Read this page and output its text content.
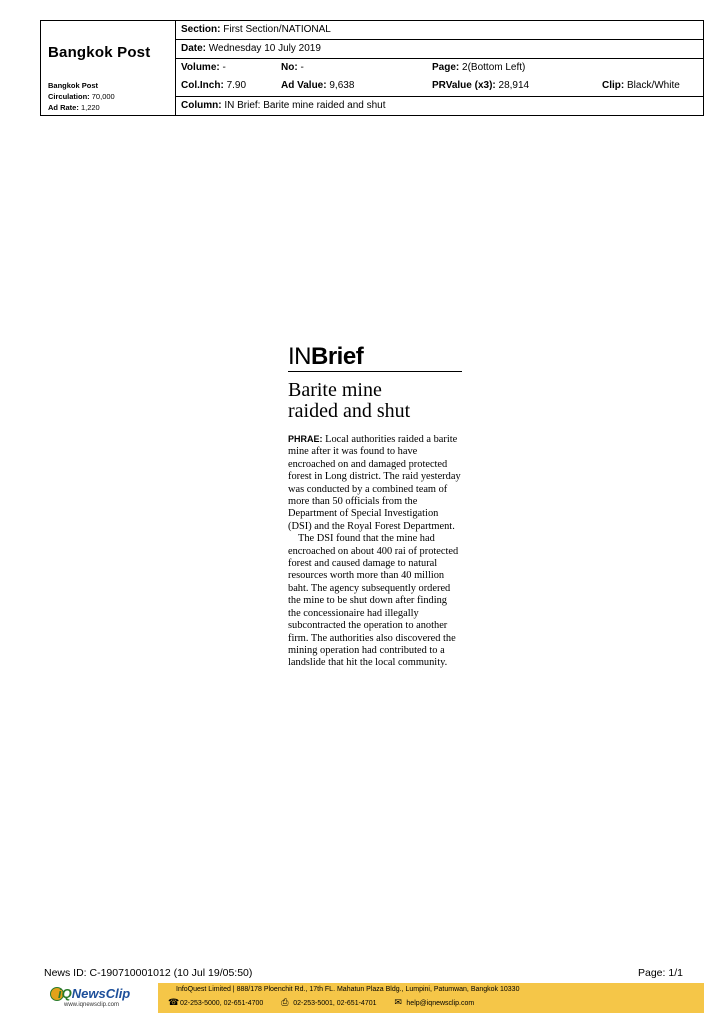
Bangkok Post
Bangkok Post
Circulation: 70,000
Ad Rate: 1,220
Section: First Section/NATIONAL
Date: Wednesday 10 July 2019
Volume: -	No: -	Page: 2(Bottom Left)
Col.Inch: 7.90	Ad Value: 9,638	PRValue (x3): 28,914	Clip: Black/White
Column: IN Brief: Barite mine raided and shut
INBrief
Barite mine
raided and shut

PHRAE: Local authorities raided a barite mine after it was found to have encroached on and damaged protected forest in Long district. The raid yesterday was conducted by a combined team of more than 50 officials from the Department of Special Investigation (DSI) and the Royal Forest Department.

The DSI found that the mine had encroached on about 400 rai of protected forest and caused damage to natural resources worth more than 40 million baht. The agency subsequently ordered the mine to be shut down after finding the concessionaire had illegally subcontracted the operation to another firm. The authorities also discovered the mining operation had contributed to a landslide that hit the local community.

News ID: C-190710001012 (10 Jul 19/05:50)	Page: 1/1
iQNewsClip
www.iqnewsclip.com
InfoQuest Limited | 888/178 Ploenchit Rd., 17th FL. Mahatun Plaza Bldg., Lumpini, Patumwan, Bangkok 10330
☎02-253-5000, 02-651-4700 ⎙	02-253-5001, 02-651-4701 ✉	help@iqnewsclip.com
